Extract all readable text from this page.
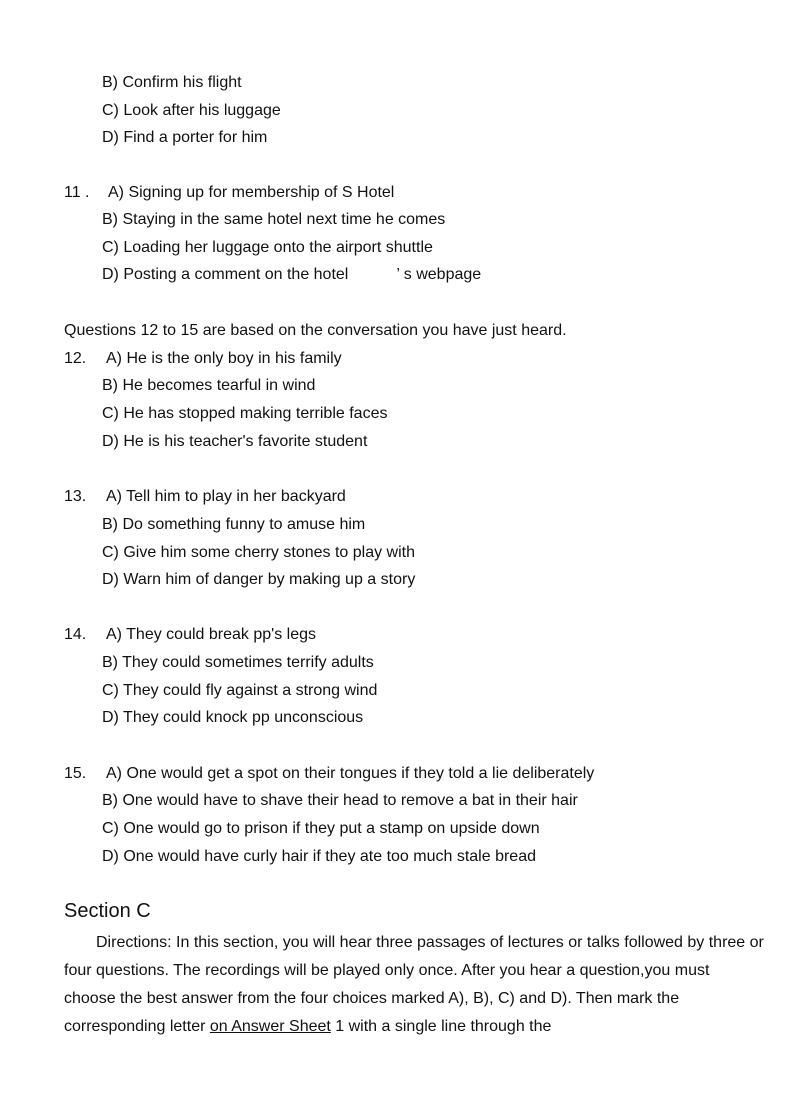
B) Confirm his flight
C) Look after his luggage
D) Find a porter for him
11 . A) Signing up for membership of S Hotel
B) Staying in the same hotel next time he comes
C) Loading her luggage onto the airport shuttle
D) Posting a comment on the hotel	’ s webpage
Questions 12 to 15 are based on the conversation you have just heard.
12. A) He is the only boy in his family
B) He becomes tearful in wind
C) He has stopped making terrible faces
D) He is his teacher's favorite student
13. A) Tell him to play in her backyard
B) Do something funny to amuse him
C) Give him some cherry stones to play with
D) Warn him of danger by making up a story
14. A) They could break pp's legs
B) They could sometimes terrify adults
C) They could fly against a strong wind
D) They could knock pp unconscious
15. A) One would get a spot on their tongues if they told a lie deliberately
B) One would have to shave their head to remove a bat in their hair
C) One would go to prison if they put a stamp on upside down
D) One would have curly hair if they ate too much stale bread
Section C
Directions: In this section, you will hear three passages of lectures or talks followed by three or four questions. The recordings will be played only once. After you hear a question,you must choose the best answer from the four choices marked A), B), C) and D). Then mark the corresponding letter on Answer Sheet 1 with a single line through the
